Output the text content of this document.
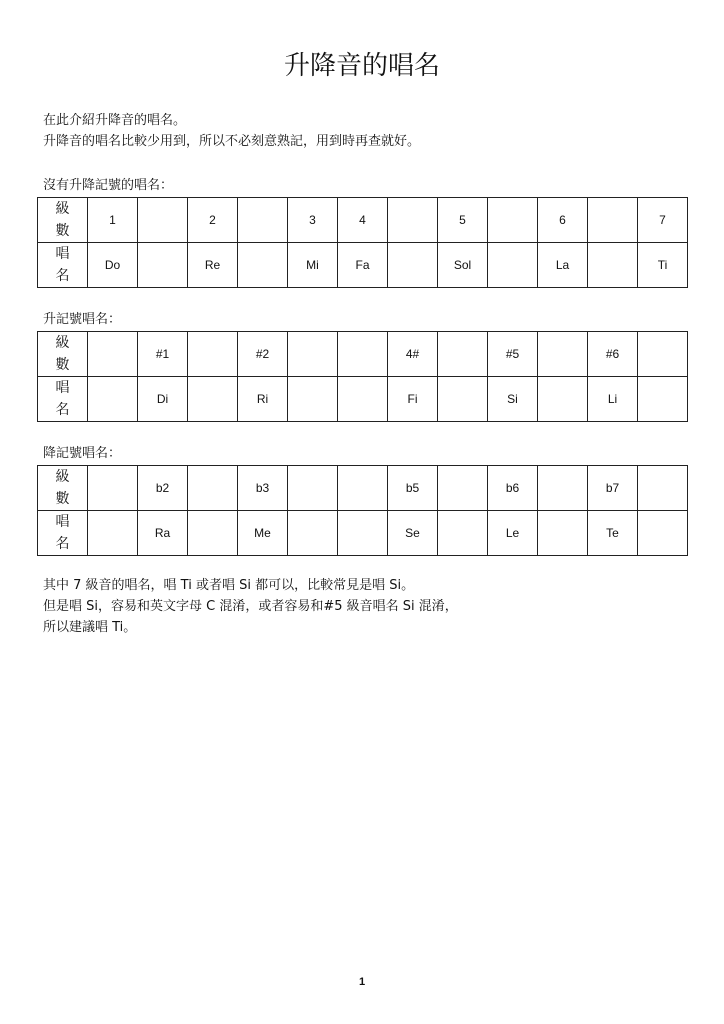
升降音的唱名
在此介紹升降音的唱名。
升降音的唱名比較少用到，所以不必刻意熟記，用到時再查就好。
沒有升降記號的唱名：
級
數	1		2		3	4		5		6		7

唱
名	Do		Re		Mi	Fa		Sol		La		Ti
升記號唱名：
級
數		#1		#2			4#		#5		#6	

唱
名		Di		Ri			Fi		Si		Li	
降記號唱名：
級
數		b2		b3			b5		b6		b7	

唱
名		Ra		Me			Se		Le		Te	
其中 7 級音的唱名，唱 Ti 或者唱 Si 都可以，比較常見是唱 Si。
但是唱 Si，容易和英文字母 C 混淆，或者容易和#5 級音唱名 Si 混淆，
所以建議唱 Ti。
1
